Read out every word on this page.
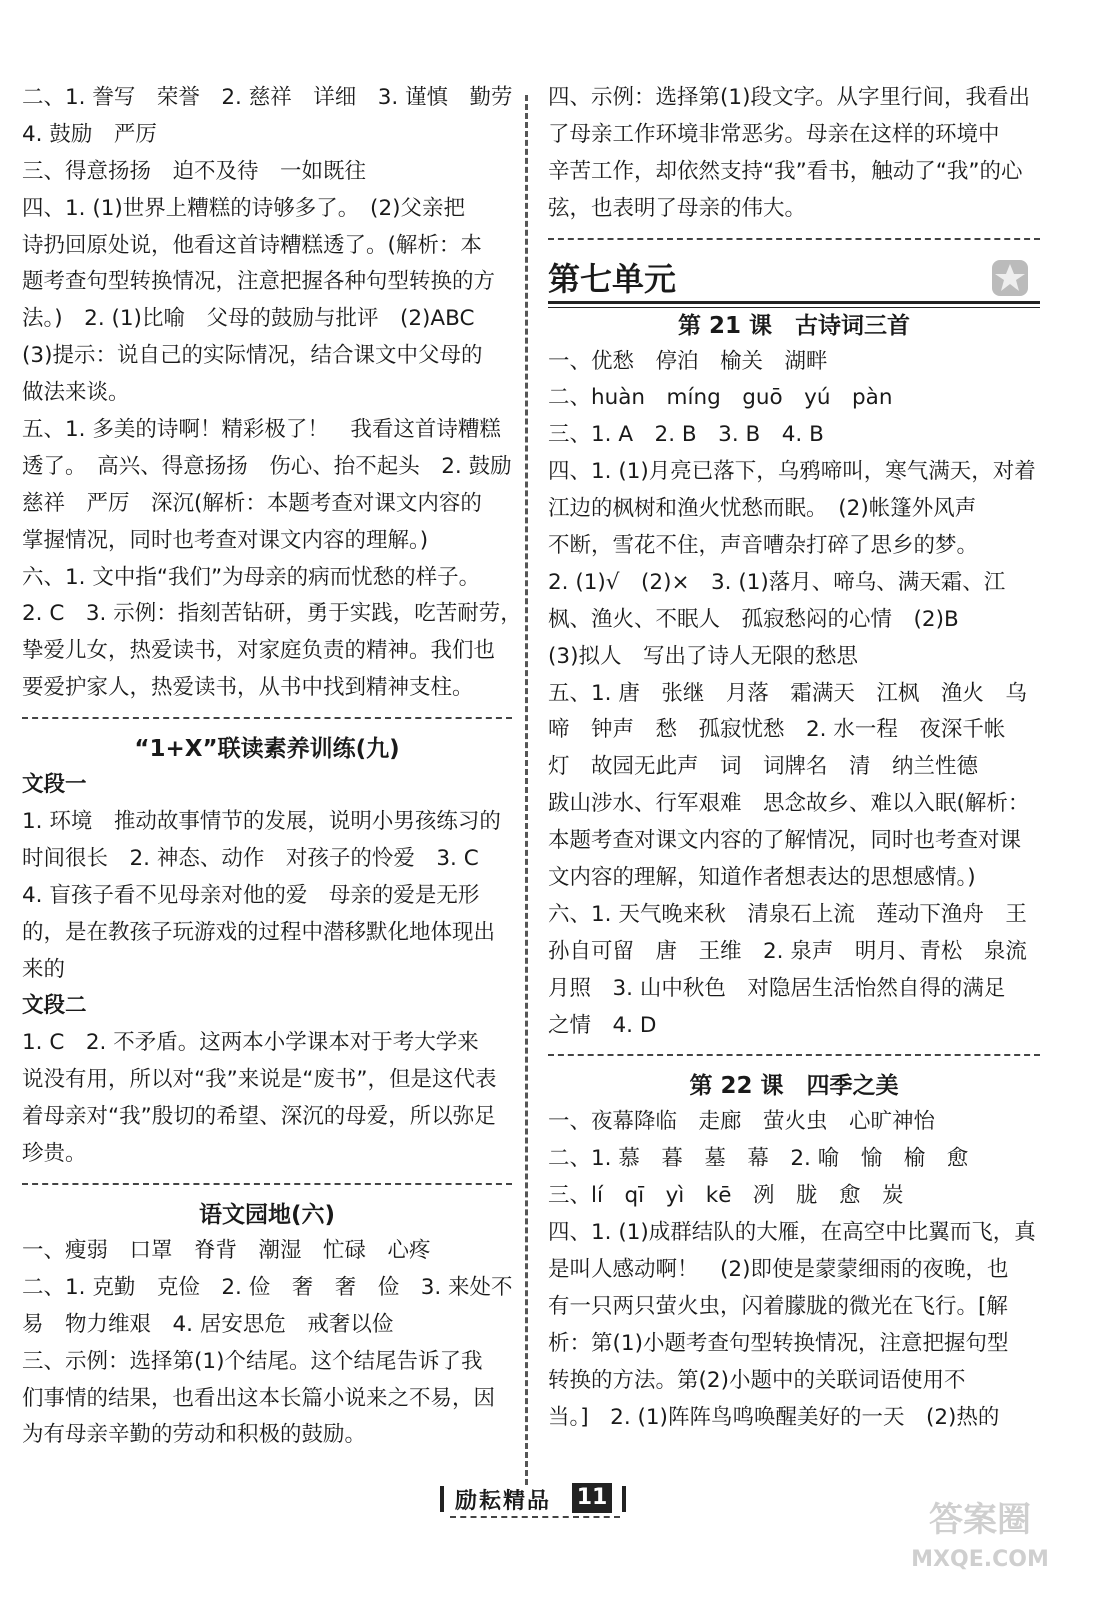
二、1. 誊写　荣誉　2. 慈祥　详细　3. 谨慎　勤劳
4. 鼓励　严厉
三、得意扬扬　迫不及待　一如既往
四、1. (1)世界上糟糕的诗够多了。　(2)父亲把
诗扔回原处说，他看这首诗糟糕透了。(解析：本
题考查句型转换情况，注意把握各种句型转换的方
法。)　2. (1)比喻　父母的鼓励与批评　(2)ABC
(3)提示：说自己的实际情况，结合课文中父母的
做法来谈。
五、1. 多美的诗啊！精彩极了！　我看这首诗糟糕
透了。　高兴、得意扬扬　伤心、抬不起头　2. 鼓励
慈祥　严厉　深沉(解析：本题考查对课文内容的
掌握情况，同时也考查对课文内容的理解。)
六、1. 文中指“我们”为母亲的病而忧愁的样子。
2. C　3. 示例：指刻苦钻研，勇于实践，吃苦耐劳，
挚爱儿女，热爱读书，对家庭负责的精神。我们也
要爱护家人，热爱读书，从书中找到精神支柱。
“1+X”联读素养训练(九)
文段一
1. 环境　推动故事情节的发展，说明小男孩练习的
时间很长　2. 神态、动作　对孩子的怜爱　3. C
4. 盲孩子看不见母亲对他的爱　母亲的爱是无形
的，是在教孩子玩游戏的过程中潜移默化地体现出
来的
文段二
1. C　2. 不矛盾。这两本小学课本对于考大学来
说没有用，所以对“我”来说是“废书”，但是这代表
着母亲对“我”殷切的希望、深沉的母爱，所以弥足
珍贵。
语文园地(六)
一、瘦弱　口罩　脊背　潮湿　忙碌　心疼
二、1. 克勤　克俭　2. 俭　奢　奢　俭　3. 来处不
易　物力维艰　4. 居安思危　戒奢以俭
三、示例：选择第(1)个结尾。这个结尾告诉了我
们事情的结果，也看出这本长篇小说来之不易，因
为有母亲辛勤的劳动和积极的鼓励。
四、示例：选择第(1)段文字。从字里行间，我看出
了母亲工作环境非常恶劣。母亲在这样的环境中
辛苦工作，却依然支持“我”看书，触动了“我”的心
弦，也表明了母亲的伟大。
第七单元
第 21 课　古诗词三首
一、优愁　停泊　榆关　湖畔
二、huàn　míng　guō　yú　pàn
三、1. A　2. B　3. B　4. B
四、1. (1)月亮已落下，乌鸦啼叫，寒气满天，对着
江边的枫树和渔火忧愁而眠。　(2)帐篷外风声
不断，雪花不住，声音嘈杂打碎了思乡的梦。
2. (1)√　(2)×　3. (1)落月、啼乌、满天霜、江
枫、渔火、不眠人　孤寂愁闷的心情　(2)B
(3)拟人　写出了诗人无限的愁思
五、1. 唐　张继　月落　霜满天　江枫　渔火　乌
啼　钟声　愁　孤寂忧愁　2. 水一程　夜深千帐
灯　故园无此声　词　词牌名　清　纳兰性德
跋山涉水、行军艰难　思念故乡、难以入眠(解析：
本题考查对课文内容的了解情况，同时也考查对课
文内容的理解，知道作者想表达的思想感情。)
六、1. 天气晚来秋　清泉石上流　莲动下渔舟　王
孙自可留　唐　王维　2. 泉声　明月、青松　泉流
月照　3. 山中秋色　对隐居生活怡然自得的满足
之情　4. D
第 22 课　四季之美
一、夜幕降临　走廊　萤火虫　心旷神怡
二、1. 慕　暮　墓　幕　2. 喻　愉　榆　愈
三、lí　qī　yì　kē　冽　胧　愈　炭
四、1. (1)成群结队的大雁，在高空中比翼而飞，真
是叫人感动啊！　(2)即使是蒙蒙细雨的夜晚，也
有一只两只萤火虫，闪着朦胧的微光在飞行。[解
析：第(1)小题考查句型转换情况，注意把握句型
转换的方法。第(2)小题中的关联词语使用不
当。]　2. (1)阵阵鸟鸣唤醒美好的一天　(2)热的
励耘精品 11
答案圈
MXQE.COM
